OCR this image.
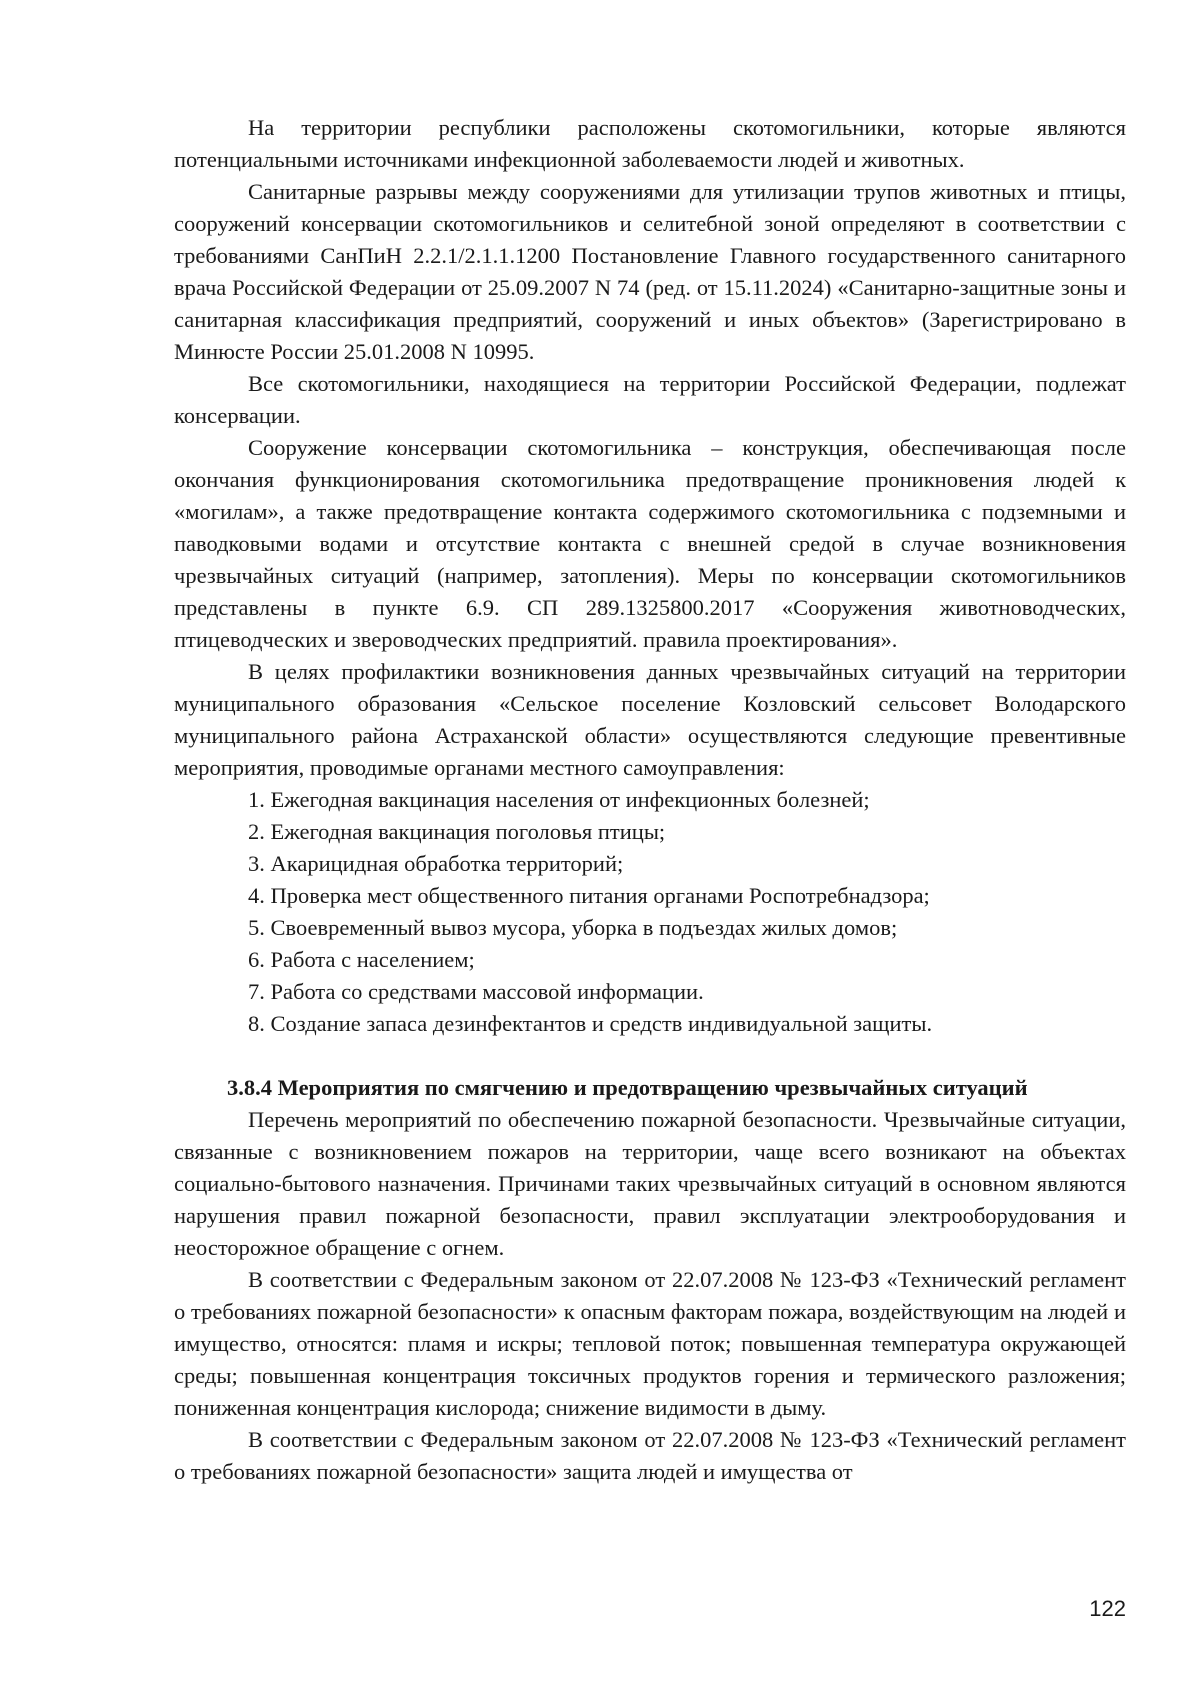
На территории республики расположены скотомогильники, которые являются потенциальными источниками инфекционной заболеваемости людей и животных.

Санитарные разрывы между сооружениями для утилизации трупов животных и птицы, сооружений консервации скотомогильников и селитебной зоной определяют в соответствии с требованиями СанПиН 2.2.1/2.1.1.1200 Постановление Главного государственного санитарного врача Российской Федерации от 25.09.2007 N 74 (ред. от 15.11.2024) «Санитарно-защитные зоны и санитарная классификация предприятий, сооружений и иных объектов» (Зарегистрировано в Минюсте России 25.01.2008 N 10995.

Все скотомогильники, находящиеся на территории Российской Федерации, подлежат консервации.

Сооружение консервации скотомогильника – конструкция, обеспечивающая после окончания функционирования скотомогильника предотвращение проникновения людей к «могилам», а также предотвращение контакта содержимого скотомогильника с подземными и паводковыми водами и отсутствие контакта с внешней средой в случае возникновения чрезвычайных ситуаций (например, затопления). Меры по консервации скотомогильников представлены в пункте 6.9. СП 289.1325800.2017 «Сооружения животноводческих, птицеводческих и звероводческих предприятий. правила проектирования».

В целях профилактики возникновения данных чрезвычайных ситуаций на территории муниципального образования «Сельское поселение Козловский сельсовет Володарского муниципального района Астраханской области» осуществляются следующие превентивные мероприятия, проводимые органами местного самоуправления:

1. Ежегодная вакцинация населения от инфекционных болезней;
2. Ежегодная вакцинация поголовья птицы;
3. Акарицидная обработка территорий;
4. Проверка мест общественного питания органами Роспотребнадзора;
5. Своевременный вывоз мусора, уборка в подъездах жилых домов;
6. Работа с населением;
7. Работа со средствами массовой информации.
8. Создание запаса дезинфектантов и средств индивидуальной защиты.
3.8.4 Мероприятия по смягчению и предотвращению чрезвычайных ситуаций

Перечень мероприятий по обеспечению пожарной безопасности. Чрезвычайные ситуации, связанные с возникновением пожаров на территории, чаще всего возникают на объектах социально-бытового назначения. Причинами таких чрезвычайных ситуаций в основном являются нарушения правил пожарной безопасности, правил эксплуатации электрооборудования и неосторожное обращение с огнем.

В соответствии с Федеральным законом от 22.07.2008 № 123-ФЗ «Технический регламент о требованиях пожарной безопасности» к опасным факторам пожара, воздействующим на людей и имущество, относятся: пламя и искры; тепловой поток; повышенная температура окружающей среды; повышенная концентрация токсичных продуктов горения и термического разложения; пониженная концентрация кислорода; снижение видимости в дыму.

В соответствии с Федеральным законом от 22.07.2008 № 123-ФЗ «Технический регламент о требованиях пожарной безопасности» защита людей и имущества от

122
